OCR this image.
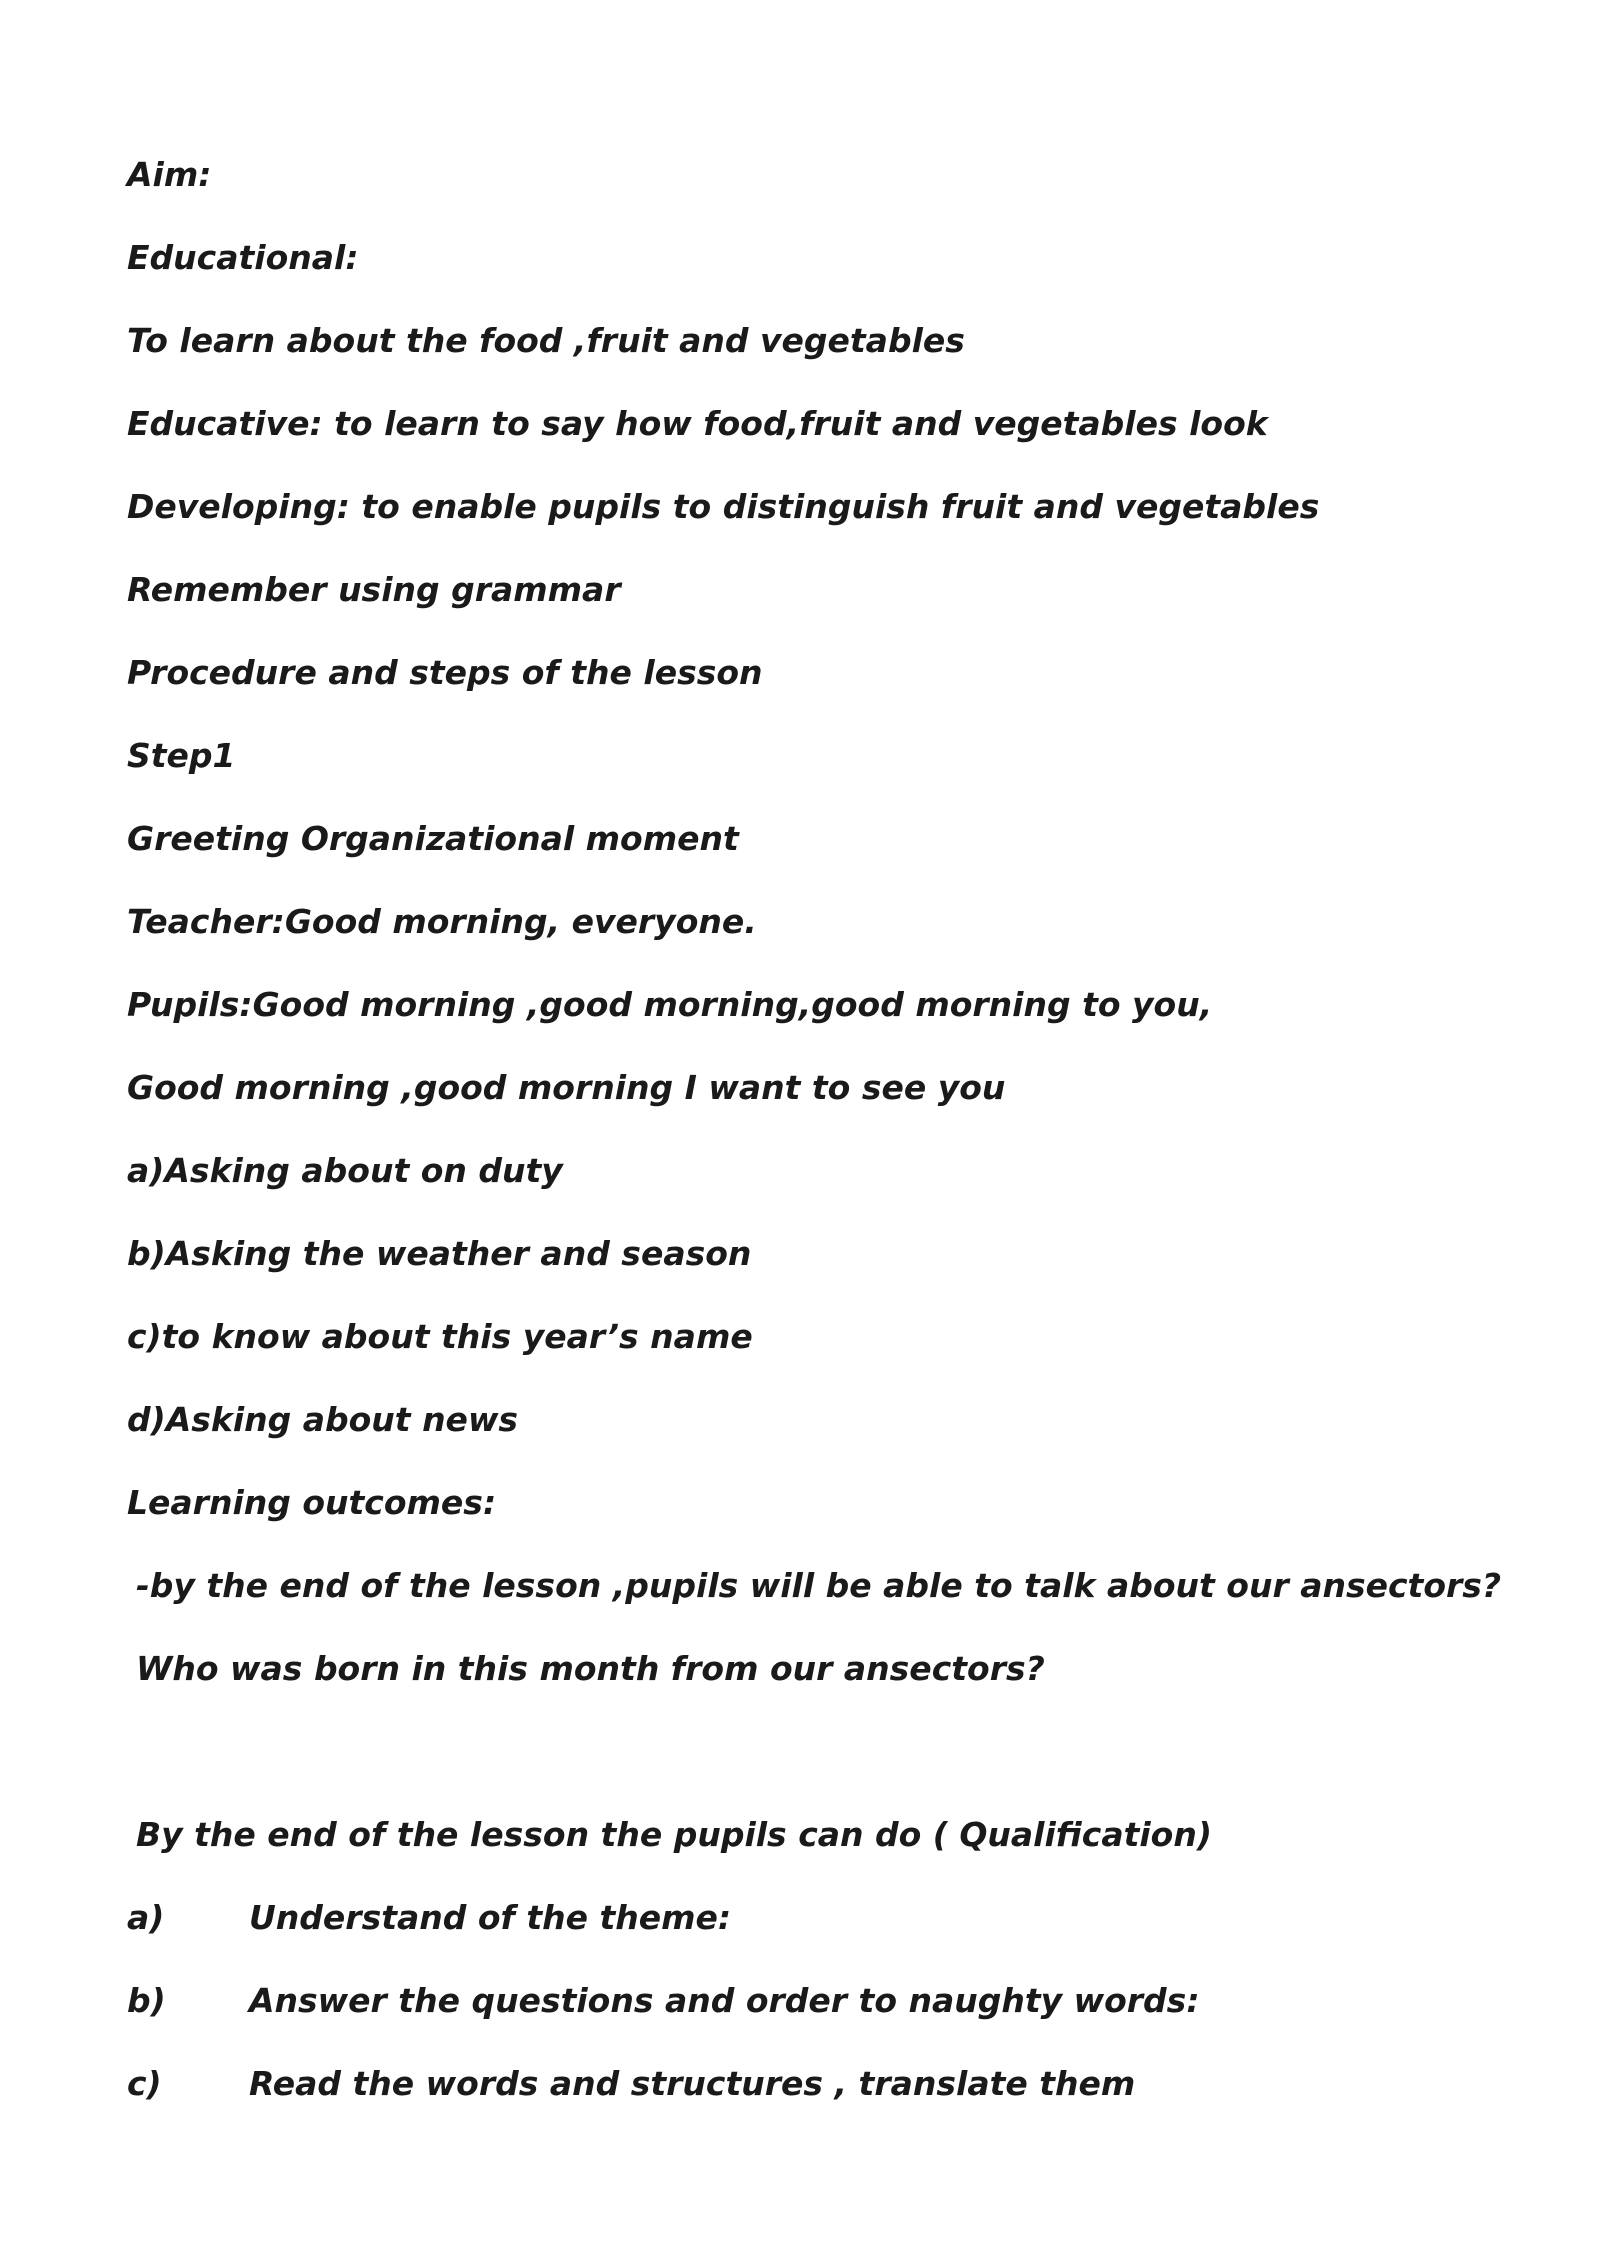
Aim:

Educational:

To learn about the food ,fruit and vegetables

Educative: to learn to say how food,fruit and vegetables look

Developing: to enable pupils to distinguish fruit and vegetables

Remember using grammar

Procedure and steps of the lesson

Step1

Greeting Organizational moment

Teacher:Good morning, everyone.

Pupils:Good morning ,good morning,good morning to you,

Good morning ,good morning I want to see you

a)Asking about on duty

b)Asking the weather and season

c)to know about this year’s name

d)Asking about news

Learning outcomes:

-by the end of the lesson ,pupils will be able to talk about our ansectors?

Who was born in this month from our ansectors?

By the end of the lesson the pupils can do ( Qualification)

a)	Understand of the theme:
b)	Answer the questions and order to naughty words:
c)	Read the words and structures , translate them
